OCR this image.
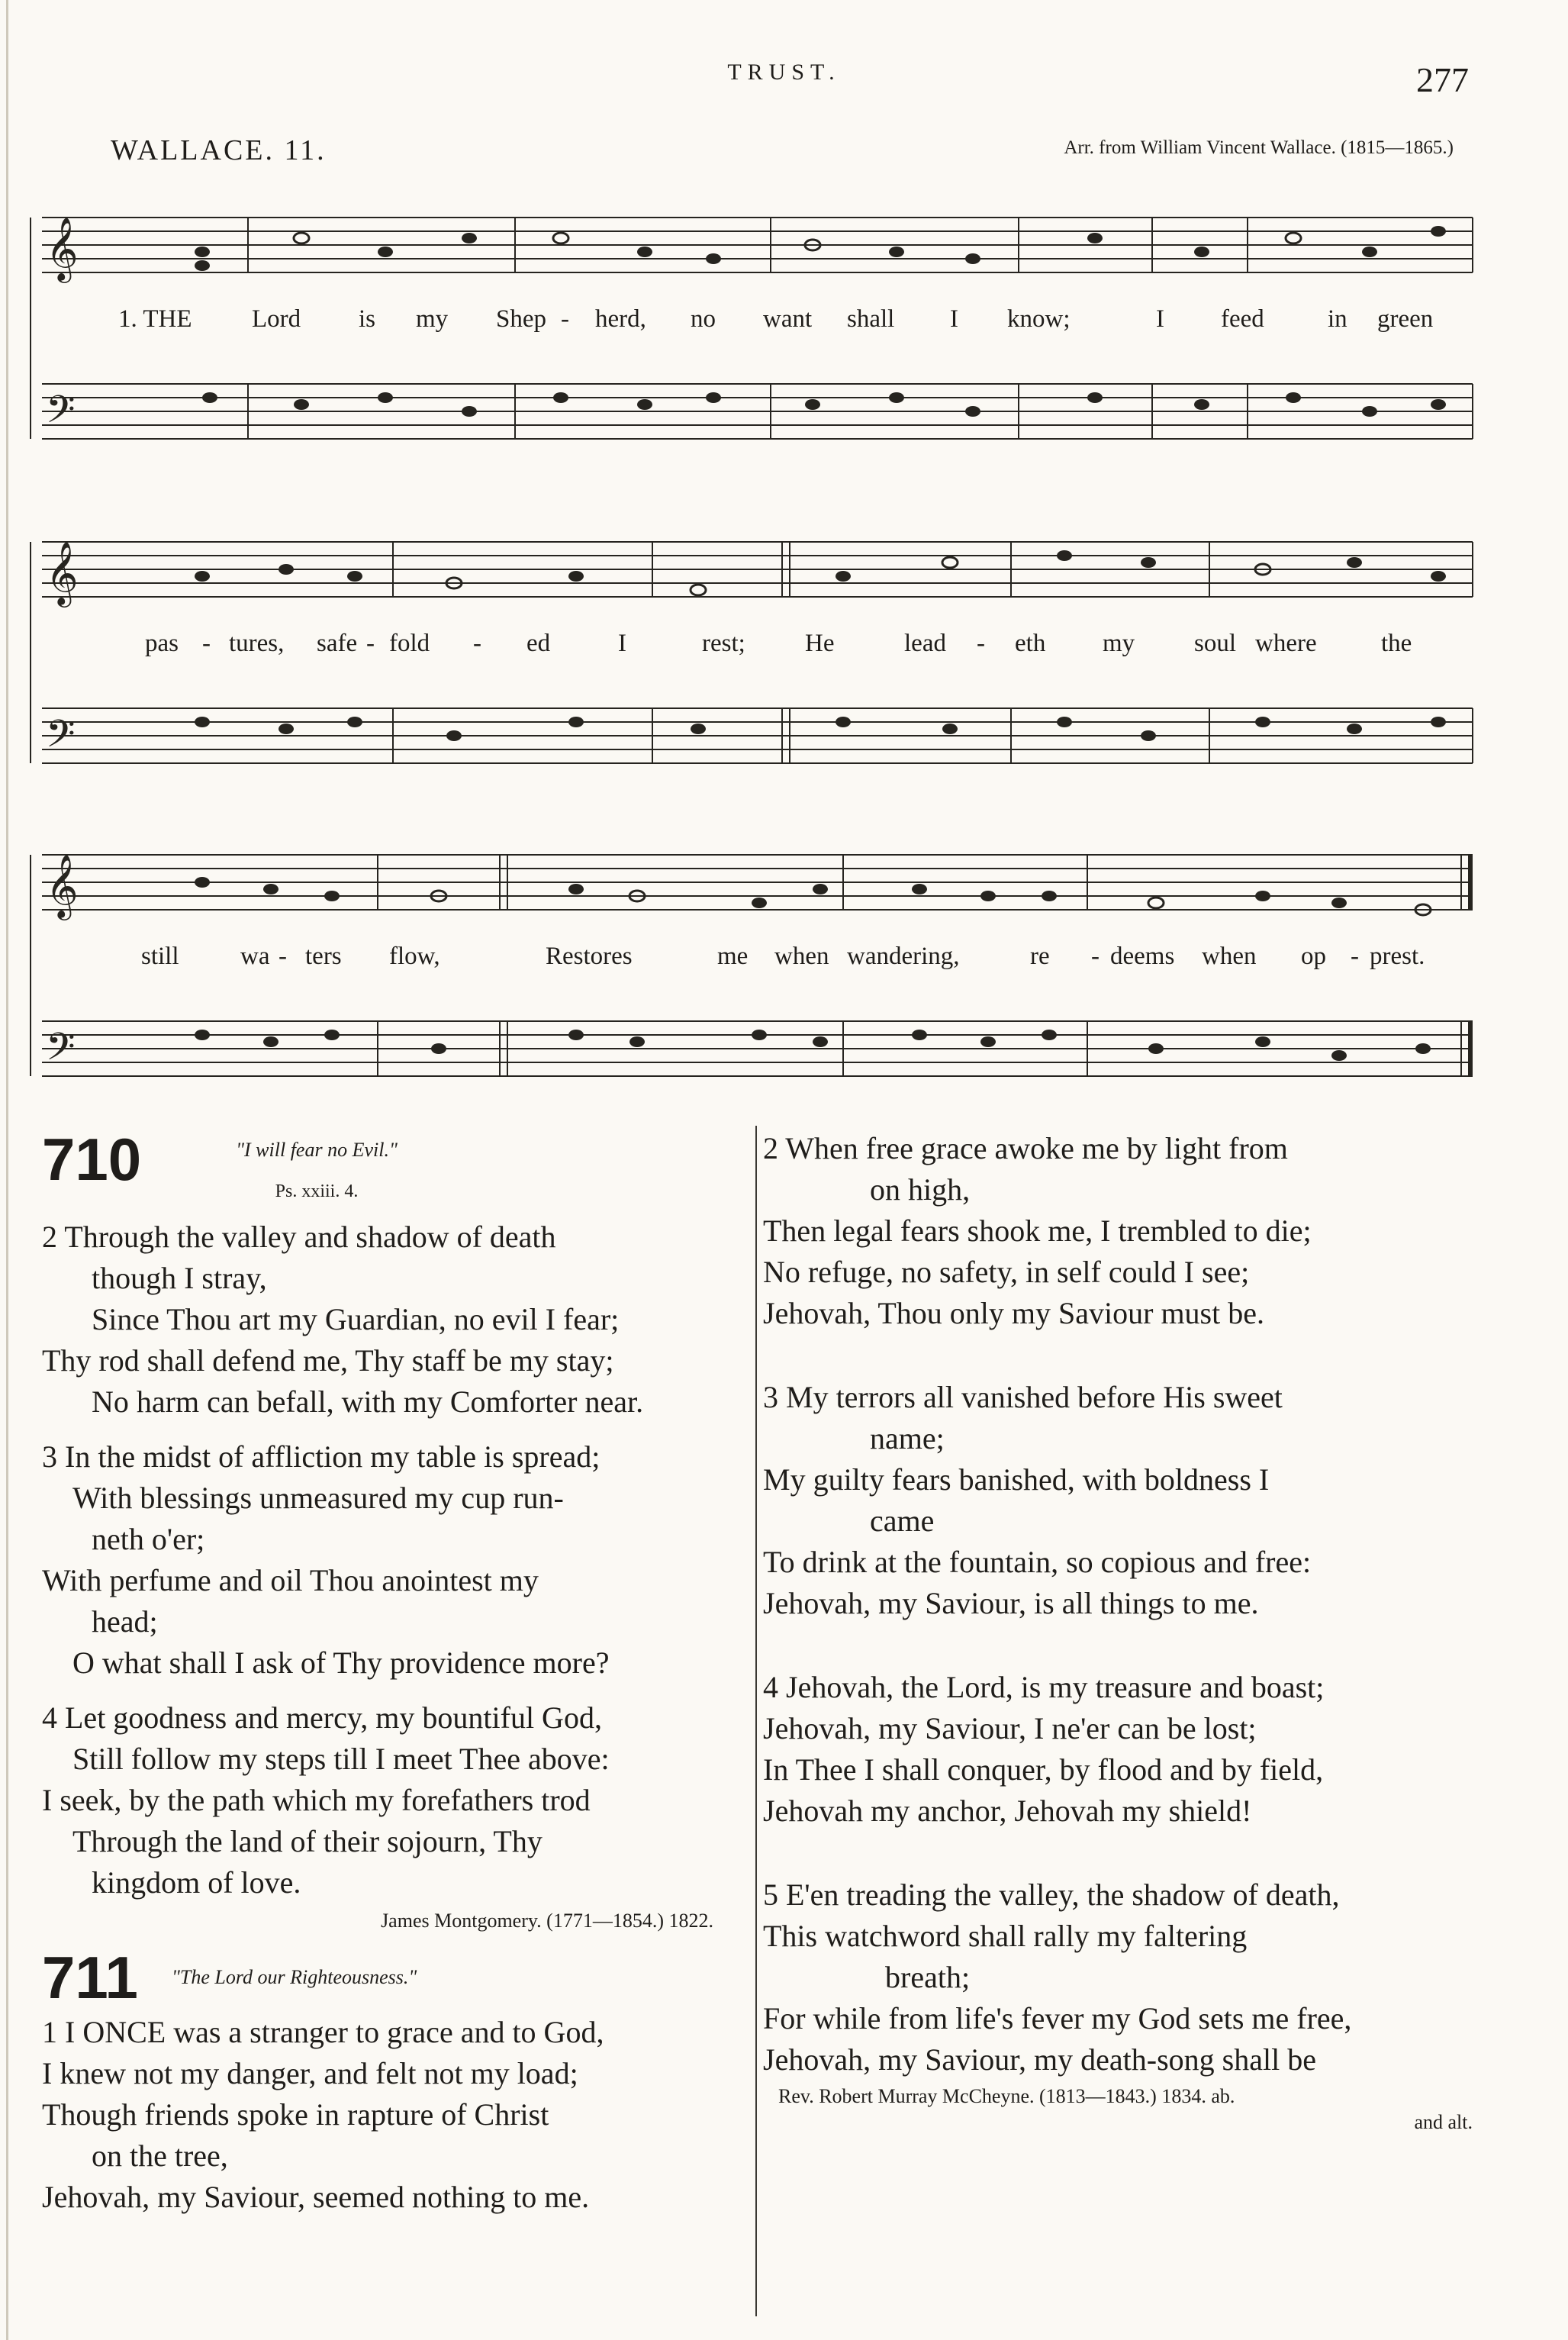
TRUST.	277
WALLACE. 11.	Arr. from William Vincent Wallace. (1815—1865.)
𝄞
𝄢
1. THE Lord is my Shep - herd, no want shall I know;	I feed	in green
𝄞
𝄢
pas - tures, safe - fold - ed	I	rest; He	lead - eth my soul where	the
𝄞
𝄢
still wa - ters flow,	Restores	me when wandering,	re - deems when op - prest.
710	"I will fear no Evil."
Ps. xxiii. 4.

2 Through the valley and shadow of death

though I stray,

Since Thou art my Guardian, no evil I fear;

Thy rod shall defend me, Thy staff be my stay;

No harm can befall, with my Comforter near.

3 In the midst of affliction my table is spread;

With blessings unmeasured my cup run-

neth o'er;

With perfume and oil Thou anointest my

head;

O what shall I ask of Thy providence more?

4 Let goodness and mercy, my bountiful God,

Still follow my steps till I meet Thee above:

I seek, by the path which my forefathers trod

Through the land of their sojourn, Thy

kingdom of love.

James Montgomery. (1771—1854.) 1822.
711	"The Lord our Righteousness."

1 I ONCE was a stranger to grace and to God,

I knew not my danger, and felt not my load;

Though friends spoke in rapture of Christ

on the tree,

Jehovah, my Saviour, seemed nothing to me.

2 When free grace awoke me by light from

on high,

Then legal fears shook me, I trembled to die;

No refuge, no safety, in self could I see;

Jehovah, Thou only my Saviour must be.

3 My terrors all vanished before His sweet

name;

My guilty fears banished, with boldness I

came

To drink at the fountain, so copious and free:

Jehovah, my Saviour, is all things to me.

4 Jehovah, the Lord, is my treasure and boast;

Jehovah, my Saviour, I ne'er can be lost;

In Thee I shall conquer, by flood and by field,

Jehovah my anchor, Jehovah my shield!

5 E'en treading the valley, the shadow of death,

This watchword shall rally my faltering

breath;

For while from life's fever my God sets me free,

Jehovah, my Saviour, my death-song shall be

Rev. Robert Murray McCheyne. (1813—1843.) 1834. ab.
and alt.
